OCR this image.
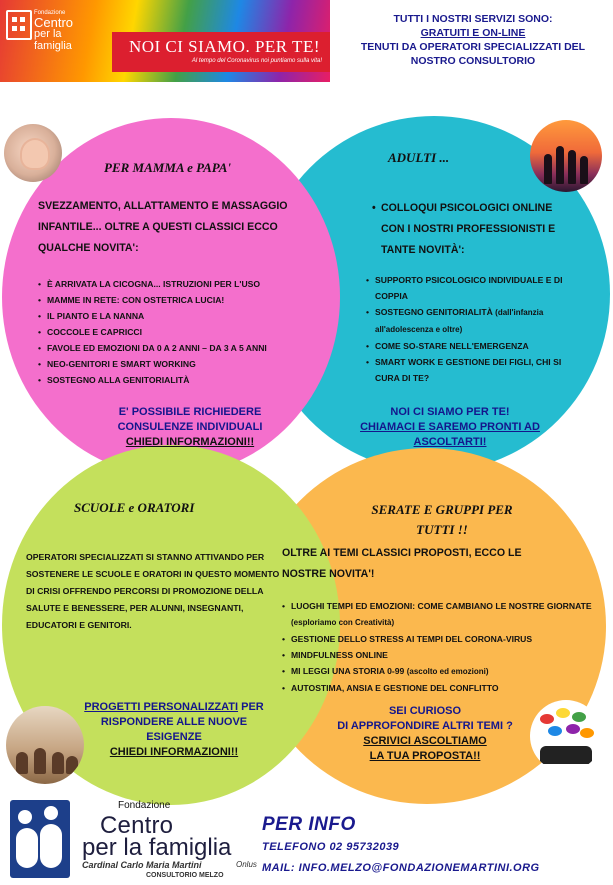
Fondazione
Centro
per la famiglia	NOI CI SIAMO. PER TE!
Al tempo del Coronavirus noi puntiamo sulla vita!
TUTTI I NOSTRI SERVIZI SONO:
GRATUITI E ON-LINE
TENUTI DA OPERATORI SPECIALIZZATI DEL
NOSTRO CONSULTORIO
PER MAMMA e PAPA'
SVEZZAMENTO, ALLATTAMENTO E MASSAGGIO INFANTILE... OLTRE A QUESTI CLASSICI ECCO QUALCHE NOVITA':
• È ARRIVATA LA CICOGNA... ISTRUZIONI PER L'USO
• MAMME IN RETE: CON OSTETRICA LUCIA!
• IL PIANTO E LA NANNA
• COCCOLE E CAPRICCI
• FAVOLE ED EMOZIONI DA 0 A 2 ANNI – DA 3 A 5 ANNI
• NEO-GENITORI E SMART WORKING
• SOSTEGNO ALLA GENITORIALITÀ
E' POSSIBILE RICHIEDERE
CONSULENZE INDIVIDUALI
CHIEDI INFORMAZIONI!!
ADULTI ...
• COLLOQUI PSICOLOGICI ONLINE CON I NOSTRI PROFESSIONISTI E TANTE NOVITÀ':
• SUPPORTO PSICOLOGICO INDIVIDUALE E DI COPPIA
• SOSTEGNO GENITORIALITÀ (dall'infanzia all'adolescenza e oltre)
• COME SO-STARE NELL'EMERGENZA
• SMART WORK E GESTIONE DEI FIGLI, CHI SI CURA DI TE?
NOI CI SIAMO PER TE!
CHIAMACI E SAREMO PRONTI AD
ASCOLTARTI!
SCUOLE e ORATORI
OPERATORI SPECIALIZZATI SI STANNO ATTIVANDO PER SOSTENERE LE SCUOLE E ORATORI IN QUESTO MOMENTO DI CRISI OFFRENDO PERCORSI DI PROMOZIONE DELLA SALUTE E BENESSERE, PER ALUNNI, INSEGNANTI, EDUCATORI E GENITORI.
PROGETTI PERSONALIZZATI PER
RISPONDERE ALLE NUOVE
ESIGENZE
CHIEDI INFORMAZIONI!!
SERATE E GRUPPI PER
TUTTI !!
OLTRE AI TEMI CLASSICI PROPOSTI, ECCO LE NOSTRE NOVITA'!
• LUOGHI TEMPI ED EMOZIONI: COME CAMBIANO LE NOSTRE GIORNATE (esploriamo con Creatività)
• GESTIONE DELLO STRESS AI TEMPI DEL CORONA-VIRUS
• MINDFULNESS ONLINE
• MI LEGGI UNA STORIA 0-99 (ascolto ed emozioni)
• AUTOSTIMA, ANSIA E GESTIONE DEL CONFLITTO
SEI CURIOSO
DI APPROFONDIRE ALTRI TEMI ?
SCRIVICI ASCOLTIAMO
LA TUA PROPOSTA!!
Fondazione
Centro
per la famiglia
Cardinal Carlo Maria Martini	Onlus
CONSULTORIO MELZO
PER INFO
TELEFONO 02 95732039
MAIL: INFO.MELZO@FONDAZIONEMARTINI.ORG
